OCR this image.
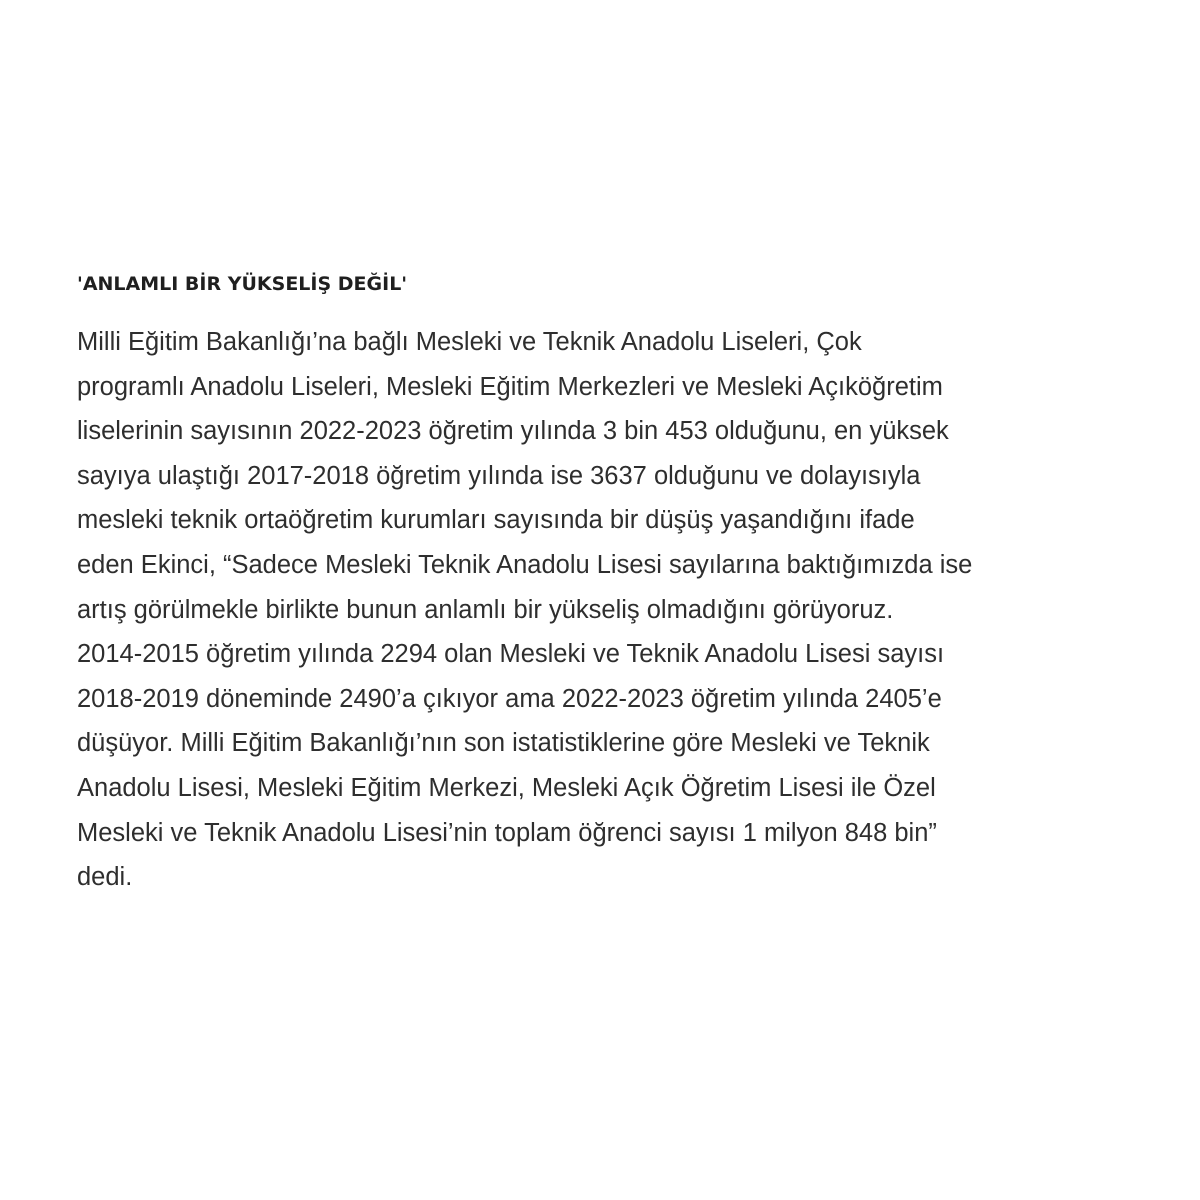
'ANLAMLI BİR YÜKSELİŞ DEĞİL'

Milli Eğitim Bakanlığı’na bağlı Mesleki ve Teknik Anadolu Liseleri, Çok
programlı Anadolu Liseleri, Mesleki Eğitim Merkezleri ve Mesleki Açıköğretim
liselerinin sayısının 2022-2023 öğretim yılında 3 bin 453 olduğunu, en yüksek
sayıya ulaştığı 2017-2018 öğretim yılında ise 3637 olduğunu ve dolayısıyla
mesleki teknik ortaöğretim kurumları sayısında bir düşüş yaşandığını ifade
eden Ekinci, “Sadece Mesleki Teknik Anadolu Lisesi sayılarına baktığımızda ise
artış görülmekle birlikte bunun anlamlı bir yükseliş olmadığını görüyoruz.
2014-2015 öğretim yılında 2294 olan Mesleki ve Teknik Anadolu Lisesi sayısı
2018-2019 döneminde 2490’a çıkıyor ama 2022-2023 öğretim yılında 2405’e
düşüyor. Milli Eğitim Bakanlığı’nın son istatistiklerine göre Mesleki ve Teknik
Anadolu Lisesi, Mesleki Eğitim Merkezi, Mesleki Açık Öğretim Lisesi ile Özel
Mesleki ve Teknik Anadolu Lisesi’nin toplam öğrenci sayısı 1 milyon 848 bin”
dedi.
